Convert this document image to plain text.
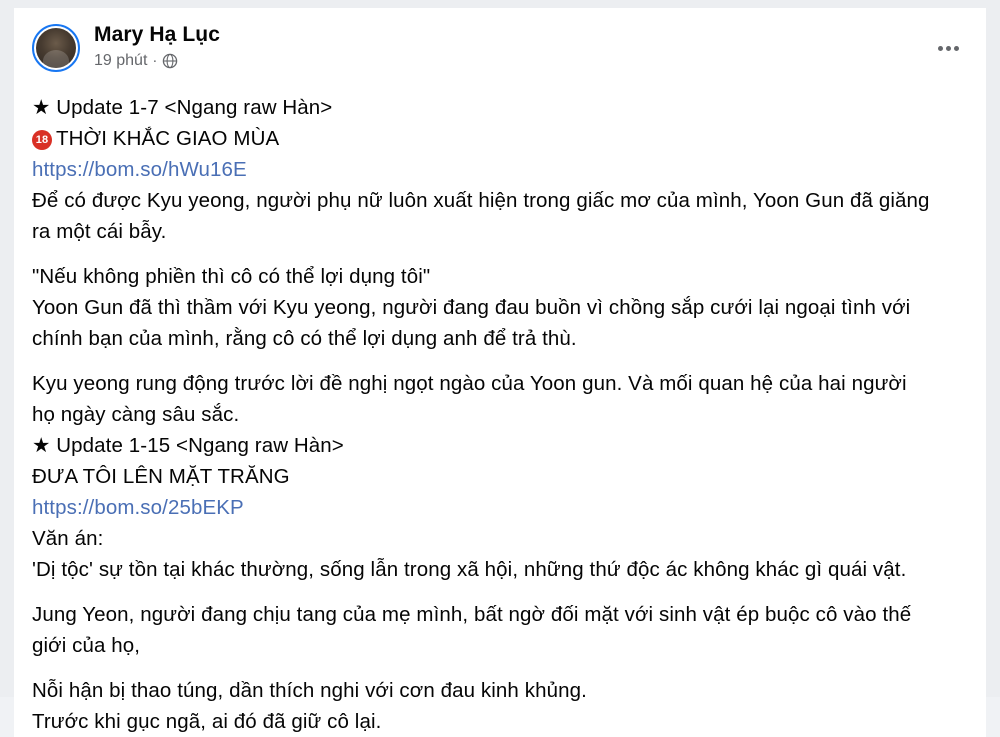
Mary Hạ Lục
19 phút ·
★ Update 1-7 <Ngang raw Hàn>
18 THỜI KHẮC GIAO MÙA
https://bom.so/hWu16E
Để có được Kyu yeong, người phụ nữ luôn xuất hiện trong giấc mơ của mình, Yoon Gun đã giăng
ra một cái bẫy.
"Nếu không phiền thì cô có thể lợi dụng tôi"
Yoon Gun đã thì thầm với Kyu yeong, người đang đau buồn vì chồng sắp cưới lại ngoại tình với
chính bạn của mình, rằng cô có thể lợi dụng anh để trả thù.
Kyu yeong rung động trước lời đề nghị ngọt ngào của Yoon gun. Và mối quan hệ của hai người
họ ngày càng sâu sắc.
★ Update 1-15 <Ngang raw Hàn>
ĐƯA TÔI LÊN MẶT TRĂNG
https://bom.so/25bEKP
Văn án:
'Dị tộc' sự tồn tại khác thường, sống lẫn trong xã hội, những thứ độc ác không khác gì quái vật.
Jung Yeon, người đang chịu tang của mẹ mình, bất ngờ đối mặt với sinh vật ép buộc cô vào thế
giới của họ,
Nỗi hận bị thao túng, dần thích nghi với cơn đau kinh khủng.
Trước khi gục ngã, ai đó đã giữ cô lại.
